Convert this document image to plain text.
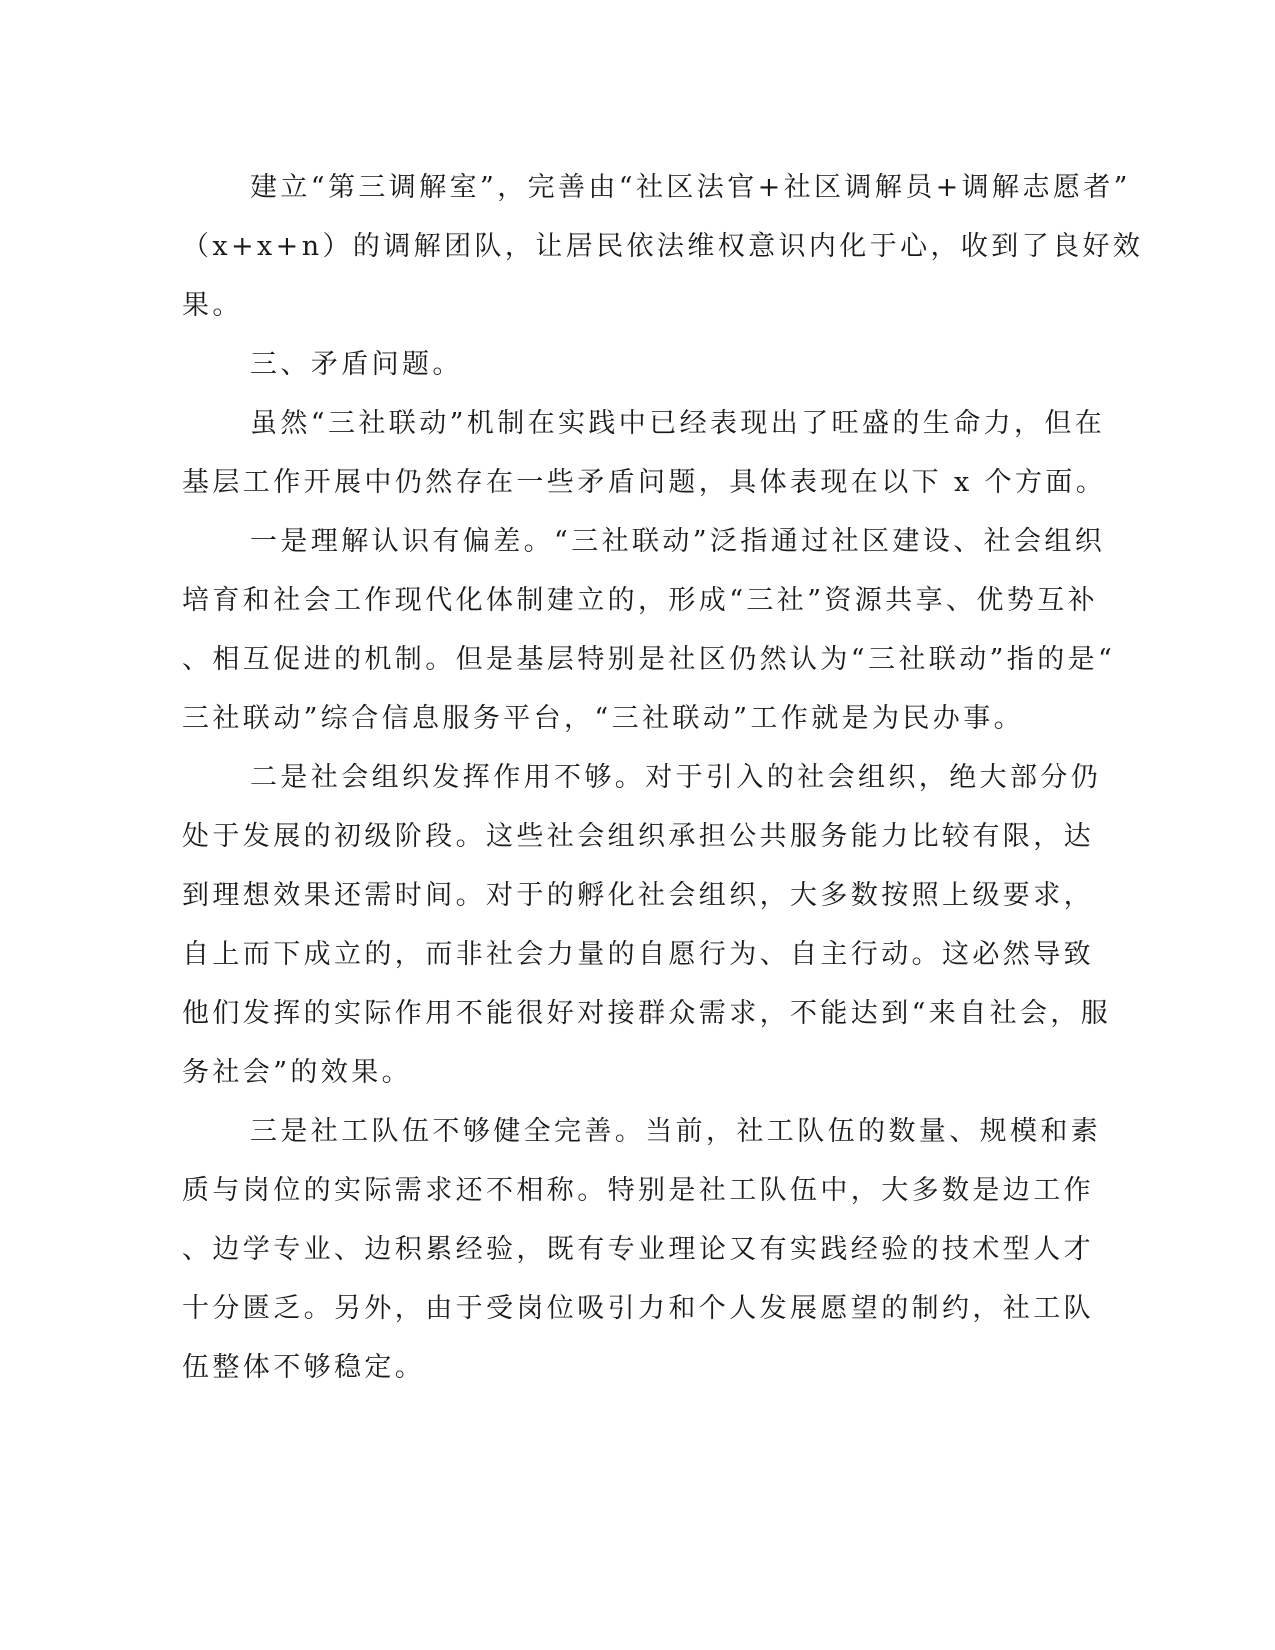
建立“第三调解室”，完善由“社区法官+社区调解员+调解志愿者”
（x+x+n）的调解团队，让居民依法维权意识内化于心，收到了良好效
果。
三、矛盾问题。
虽然“三社联动”机制在实践中已经表现出了旺盛的生命力，但在
基层工作开展中仍然存在一些矛盾问题，具体表现在以下 x 个方面。
一是理解认识有偏差。“三社联动”泛指通过社区建设、社会组织
培育和社会工作现代化体制建立的，形成“三社”资源共享、优势互补
、相互促进的机制。但是基层特别是社区仍然认为“三社联动”指的是“
三社联动”综合信息服务平台，“三社联动”工作就是为民办事。
二是社会组织发挥作用不够。对于引入的社会组织，绝大部分仍
处于发展的初级阶段。这些社会组织承担公共服务能力比较有限，达
到理想效果还需时间。对于的孵化社会组织，大多数按照上级要求，
自上而下成立的，而非社会力量的自愿行为、自主行动。这必然导致
他们发挥的实际作用不能很好对接群众需求，不能达到“来自社会，服
务社会”的效果。
三是社工队伍不够健全完善。当前，社工队伍的数量、规模和素
质与岗位的实际需求还不相称。特别是社工队伍中，大多数是边工作
、边学专业、边积累经验，既有专业理论又有实践经验的技术型人才
十分匮乏。另外，由于受岗位吸引力和个人发展愿望的制约，社工队
伍整体不够稳定。
